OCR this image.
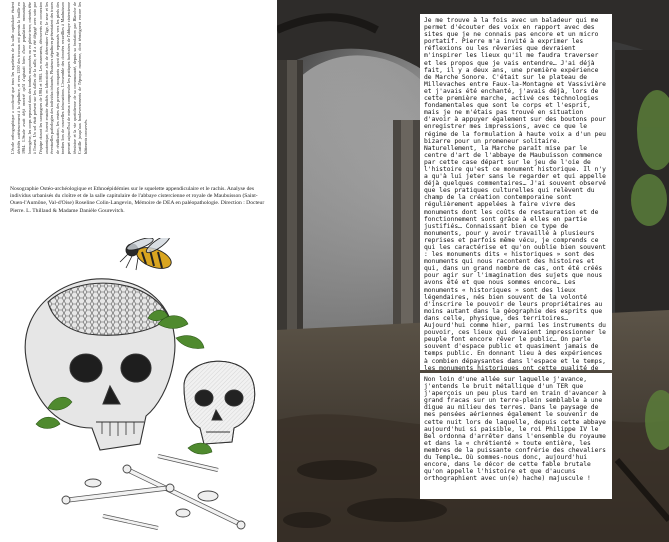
L'école orthographique a confirmé que tous les squelettes de la salle capitulaire étaient décédés antérieurement à la sépulture, et vers 1550 des travaux ont permis la fouille en 1984. L'étude avait déjà montré qu'il s'agissait bien d'une population monastique homogène, les corps reposant dans des tombes maçonnées ou en pleine terre, orientés tête à l'ouest. Un sol était présent sur les dalles de la salle, et il a été dégagé avec soin par l'équipe durant les campagnes de 1984 et 1985. Les ossements, découverts en connexion anatomique, furent ensuite étudiés en laboratoire afin de déterminer l'âge, le sexe et les éventuelles pathologies des individus inhumés. Plusieurs sépultures présentaient des traces de réutilisation, les restes des premiers occupants ayant été repoussés vers les pieds des tombes lors de nouvelles inhumations. L'ensemble des données recueillies à Maubuisson permet aujourd'hui de mieux comprendre les pratiques funéraires de l'abbaye cistercienne féminine et la vie quotidienne de sa communauté, depuis sa fondation par Blanche de Castille jusqu'aux bouleversements de l'époque moderne, dont témoignent encore les bâtiments conservés.

Nosographie Ostéo-archéologique et Ethnoépidémies sur le squelette appendiculaire et le rachis. Analyse des individus urbanisés du cloître et de la salle capitulaire de l'abbaye cistercienne et royale de Maubuisson (Saint-Ouen-l'Aumône, Val-d'Oise) Roseline Colin-Langevin, Mémoire de DEA en paléopathologie. Direction : Docteur Pierre. L. Thillaud & Madame Danièle Gourevitch.

Je me trouve à la fois avec un baladeur qui me permet d'écouter des voix en rapport avec des sites que je ne connais pas encore et un micro portatif. Pierre m'a invité à exprimer les réflexions ou les rêveries que devraient m'inspirer les lieux qu'il me faudra traverser et les propos que je vais entendre… J'ai déjà fait, il y a deux ans, une première expérience de Marche Sonore. C'était sur le plateau de Millevaches entre Faux-la-Montagne et Vassivière et j'avais été enchanté, j'avais déjà, lors de cette première marche, activé ces technologies fondamentales que sont le corps et l'esprit, mais je ne m'étais pas trouvé en situation d'avoir à appuyer également sur des boutons pour enregistrer mes impressions, avec ce que le régime de la formulation à haute voix a d'un peu bizarre pour un promeneur solitaire. Naturellement, la Marche paraît mise par le centre d'art de l'abbaye de Maubuisson commence par cette case départ sur le jeu de l'oie de l'histoire qu'est ce monument historique. Il n'y a qu'à lui jeter sans le regarder et qui appelle déjà quelques commentaires… J'ai souvent observé que les pratiques culturelles qui relèvent du champ de la création contemporaine sont régulièrement appelées à faire vivre des monuments dont les coûts de restauration et de fonctionnement sont grâce à elles en partie justifiés… Connaissant bien ce type de monuments, pour y avoir travaillé à plusieurs reprises et parfois même vécu, je comprends ce qui les caractérise et qu'on oublie bien souvent : les monuments dits « historiques » sont des monuments qui nous racontent des histoires et qui, dans un grand nombre de cas, ont été créés pour agir sur l'imagination des sujets que nous avons été et que nous sommes encore… Les monuments « historiques » sont des lieux légendaires, nés bien souvent de la volonté d'inscrire le pouvoir de leurs propriétaires au moins autant dans la géographie des esprits que dans celle, physique, des territoires… Aujourd'hui comme hier, parmi les instruments du pouvoir, ces lieux qui devaient impressionner le peuple font encore rêver le public… On parle souvent d'espace public et quasiment jamais de temps public. En donnant lieu à des expériences à combien dépaysantes dans l'espace et le temps, les monuments historiques ont cette qualité de

Non loin d'une allée sur laquelle j'avance, j'entends le bruit métallique d'un TER que j'aperçois un peu plus tard en train d'avancer à grand fracas sur un terre-plein semblable à une digue au milieu des terres. Dans le paysage de mes pensées aériennes également le souvenir de cette nuit lors de laquelle, depuis cette abbaye aujourd'hui si paisible, le roi Philippe IV le Bel ordonna d'arrêter dans l'ensemble du royaume et dans la « chrétienté » toute entière, les membres de la puissante confrérie des chevaliers du Temple… Où sommes-nous donc, aujourd'hui encore, dans le décor de cette fable brutale qu'on appelle l'histoire et que d'aucuns orthographient avec un(e) hache) majuscule !
